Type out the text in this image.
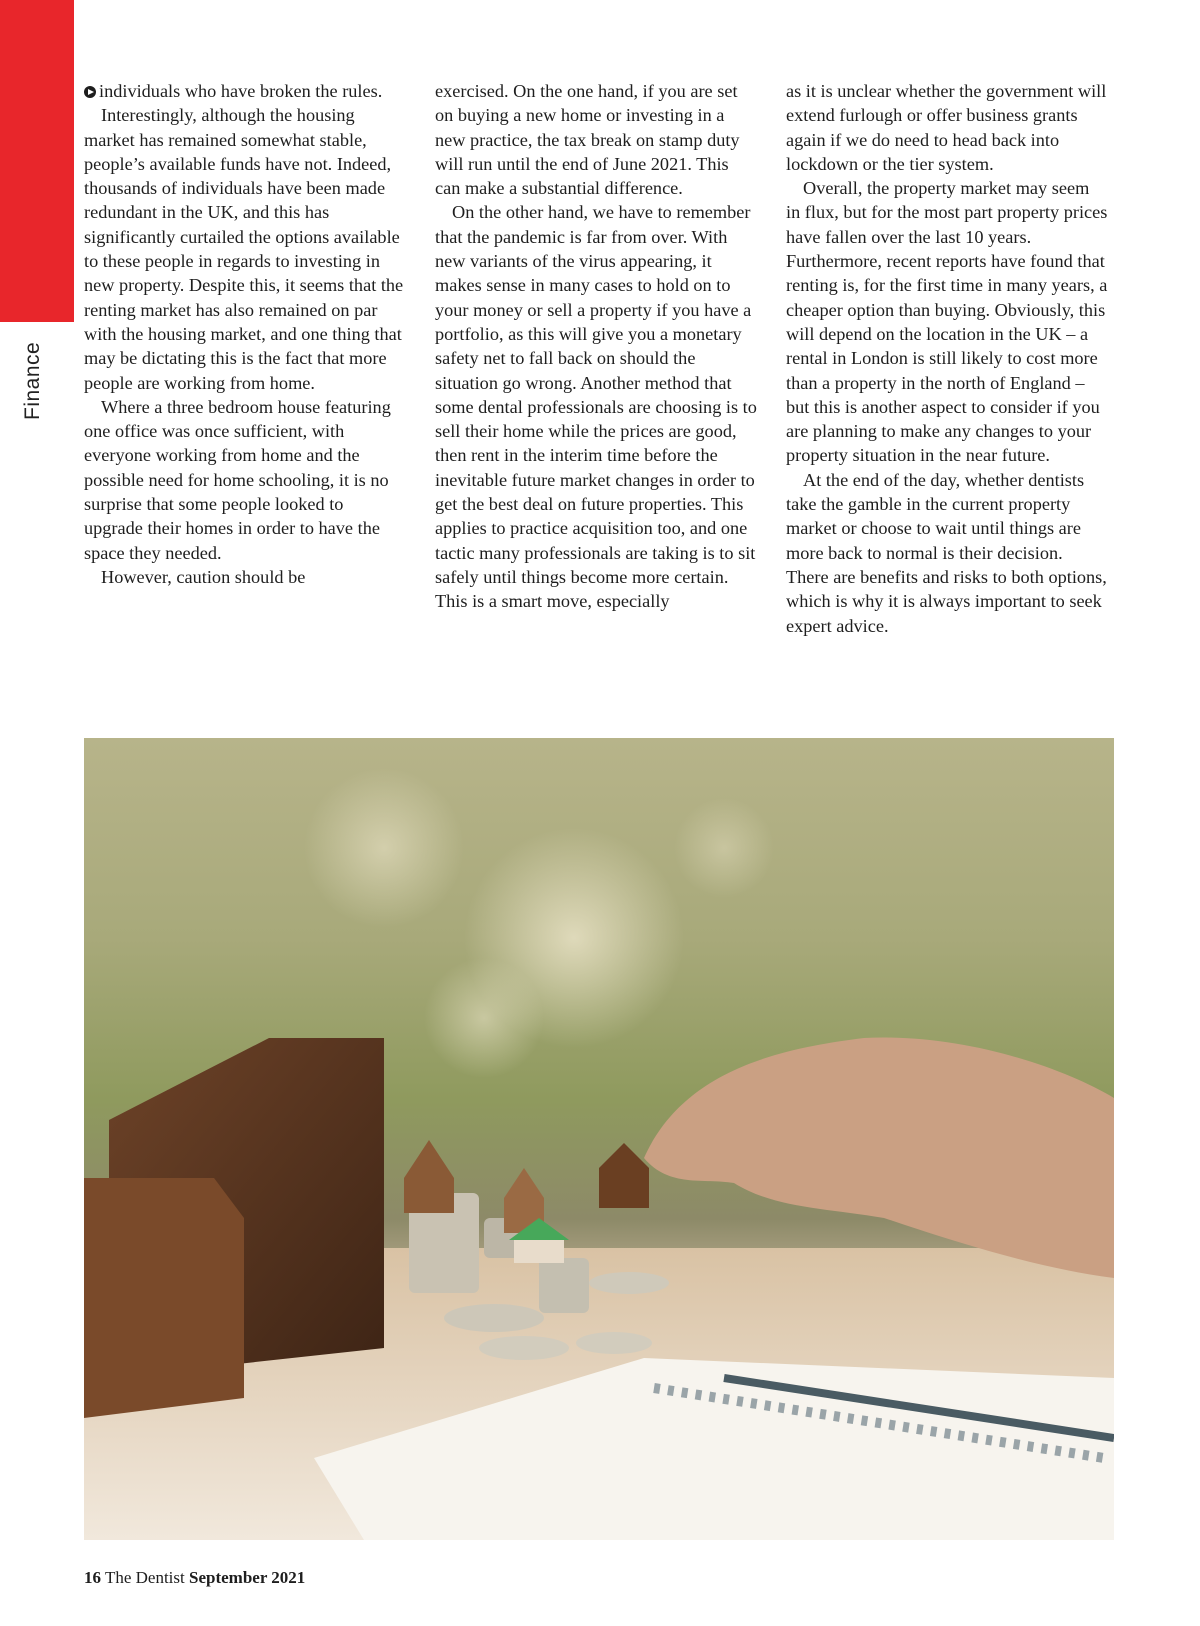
Finance

individuals who have broken the rules.

Interestingly, although the housing market has remained somewhat stable, people’s available funds have not. Indeed, thousands of individuals have been made redundant in the UK, and this has significantly curtailed the options available to these people in regards to investing in new property. Despite this, it seems that the renting market has also remained on par with the housing market, and one thing that may be dictating this is the fact that more people are working from home.

Where a three bedroom house featuring one office was once sufficient, with everyone working from home and the possible need for home schooling, it is no surprise that some people looked to upgrade their homes in order to have the space they needed.

However, caution should be

exercised. On the one hand, if you are set on buying a new home or investing in a new practice, the tax break on stamp duty will run until the end of June 2021. This can make a substantial difference.

On the other hand, we have to remember that the pandemic is far from over. With new variants of the virus appearing, it makes sense in many cases to hold on to your money or sell a property if you have a portfolio, as this will give you a monetary safety net to fall back on should the situation go wrong. Another method that some dental professionals are choosing is to sell their home while the prices are good, then rent in the interim time before the inevitable future market changes in order to get the best deal on future properties. This applies to practice acquisition too, and one tactic many professionals are taking is to sit safely until things become more certain. This is a smart move, especially

as it is unclear whether the government will extend furlough or offer business grants again if we do need to head back into lockdown or the tier system.

Overall, the property market may seem in flux, but for the most part property prices have fallen over the last 10 years. Furthermore, recent reports have found that renting is, for the first time in many years, a cheaper option than buying. Obviously, this will depend on the location in the UK – a rental in London is still likely to cost more than a property in the north of England – but this is another aspect to consider if you are planning to make any changes to your property situation in the near future.

At the end of the day, whether dentists take the gamble in the current property market or choose to wait until things are more back to normal is their decision. There are benefits and risks to both options, which is why it is always important to seek expert advice.

16 The Dentist September 2021
